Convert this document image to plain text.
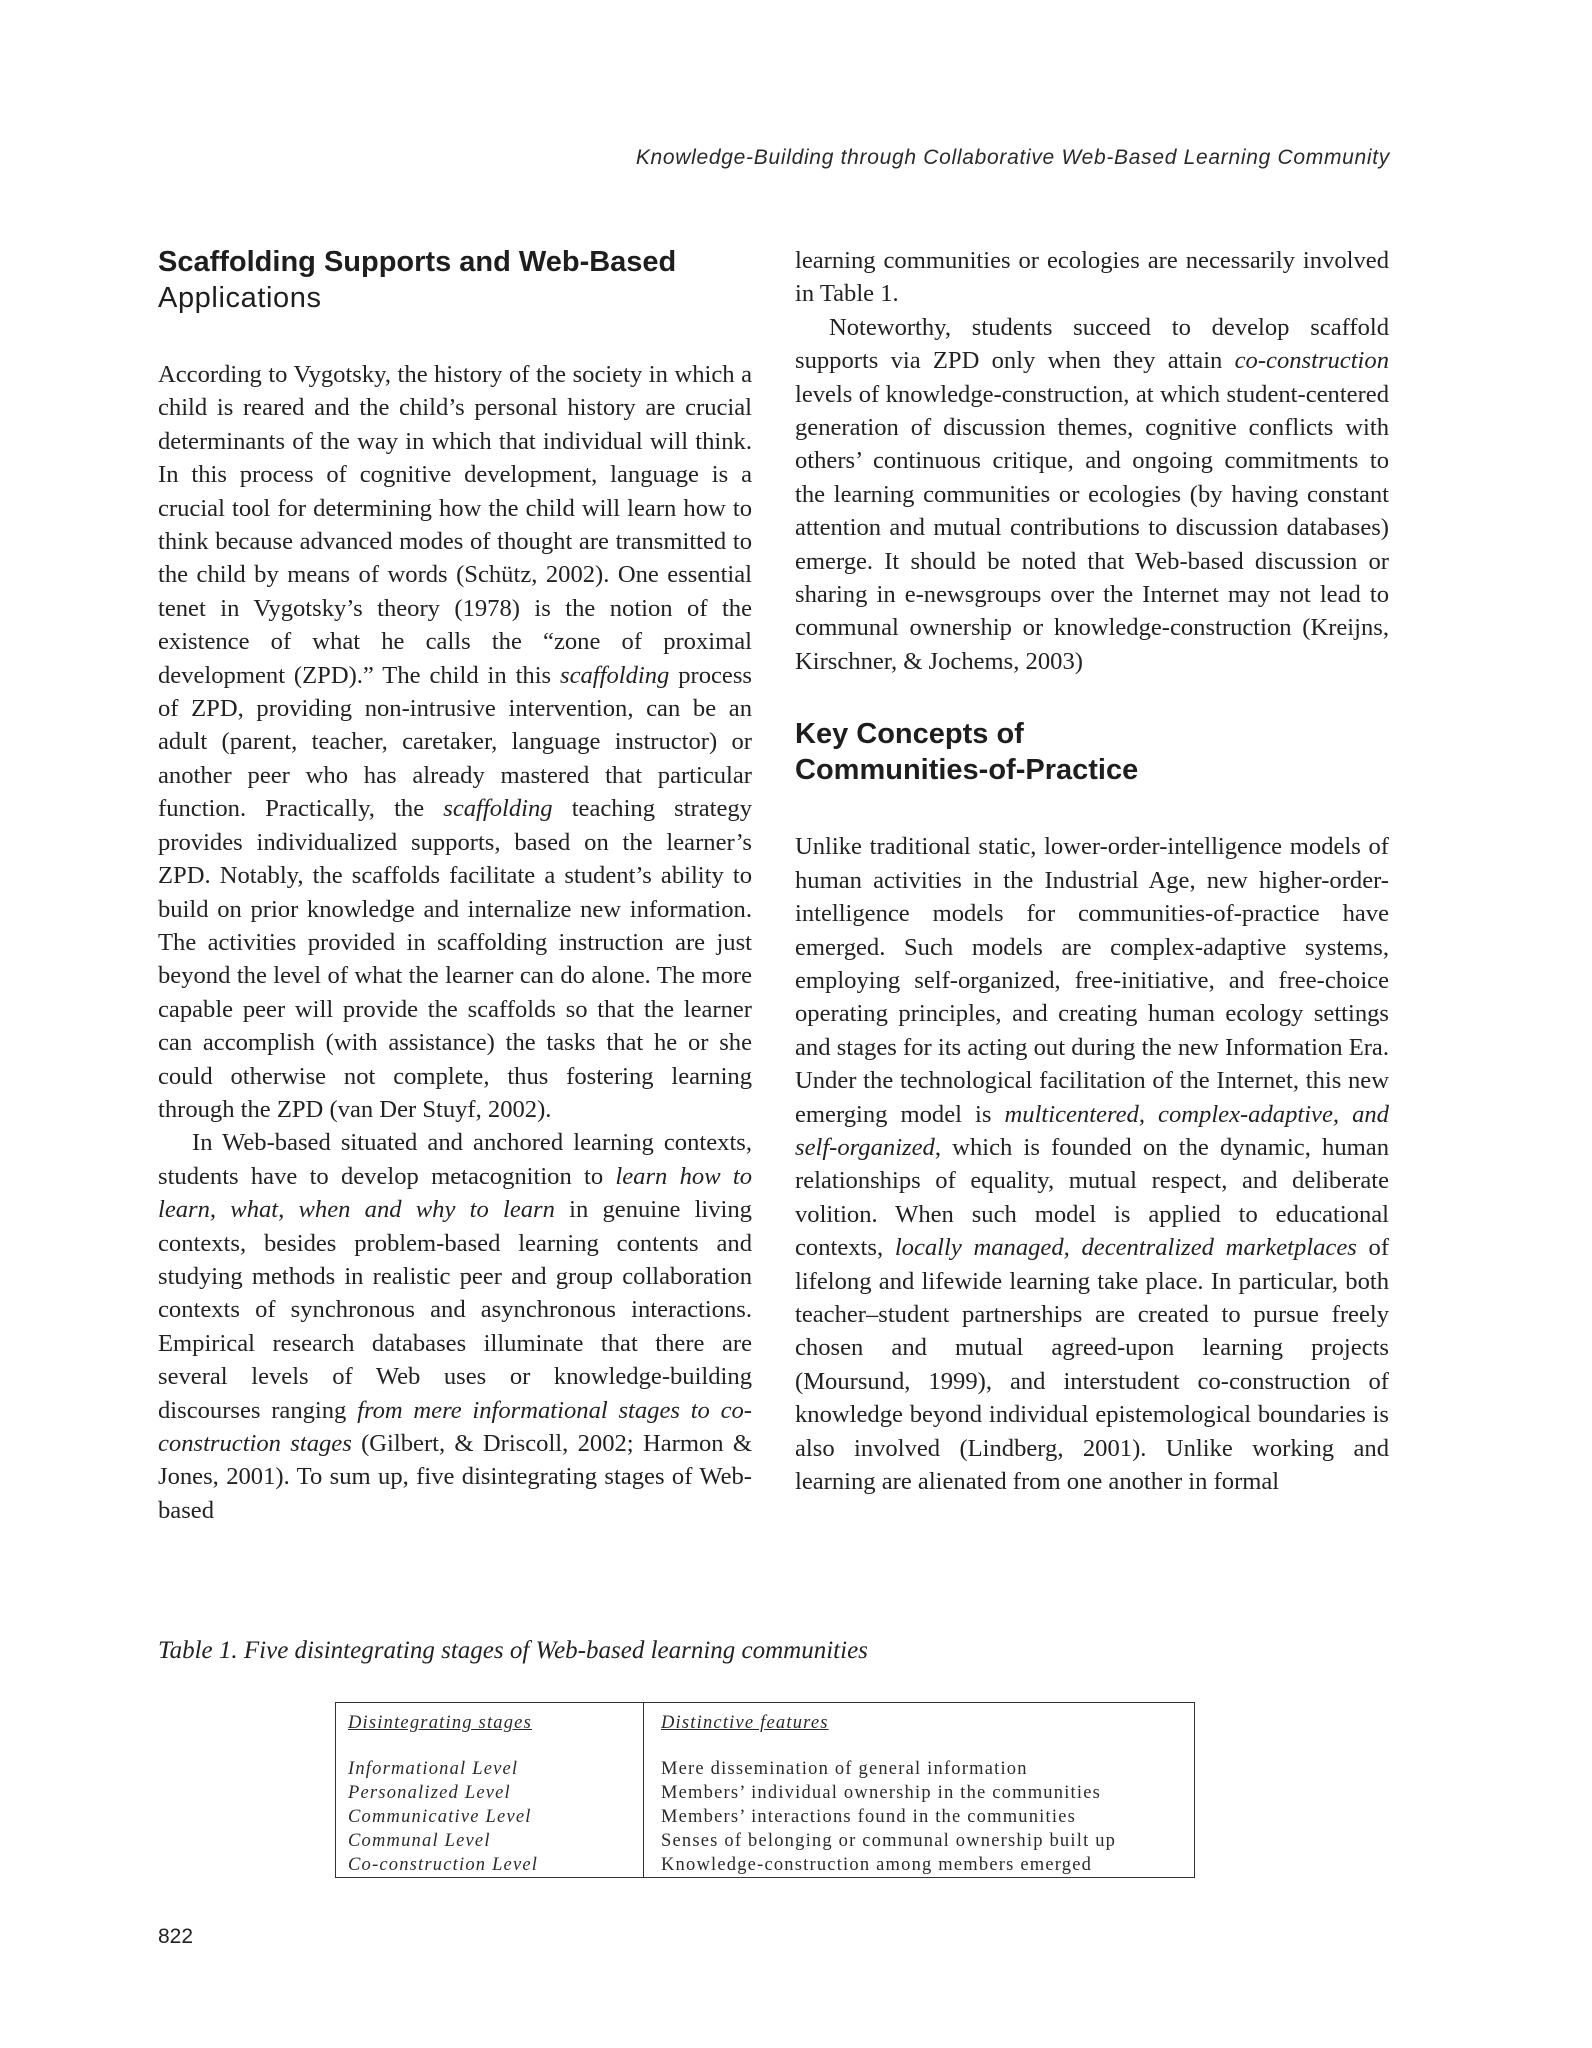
Knowledge-Building through Collaborative Web-Based Learning Community
Scaffolding Supports and Web-Based
Applications

According to Vygotsky, the history of the society in which a child is reared and the child’s personal history are crucial determinants of the way in which that individual will think. In this process of cognitive development, language is a crucial tool for determining how the child will learn how to think because advanced modes of thought are transmitted to the child by means of words (Schütz, 2002). One essential tenet in Vygotsky’s theory (1978) is the notion of the existence of what he calls the “zone of proximal development (ZPD).” The child in this scaffolding process of ZPD, providing non-intrusive intervention, can be an adult (parent, teacher, caretaker, language instructor) or another peer who has already mastered that particular function. Practically, the scaffolding teaching strategy provides individualized supports, based on the learner’s ZPD. Notably, the scaffolds facilitate a student’s ability to build on prior knowledge and internalize new information. The activities provided in scaffolding instruction are just beyond the level of what the learner can do alone. The more capable peer will provide the scaffolds so that the learner can accomplish (with assistance) the tasks that he or she could otherwise not complete, thus fostering learning through the ZPD (van Der Stuyf, 2002).

In Web-based situated and anchored learning contexts, students have to develop metacognition to learn how to learn, what, when and why to learn in genuine living contexts, besides problem-based learning contents and studying methods in realistic peer and group collaboration contexts of synchronous and asynchronous interactions. Empirical research databases illuminate that there are several levels of Web uses or knowledge-building discourses ranging from mere informational stages to co-construction stages (Gilbert, & Driscoll, 2002; Harmon & Jones, 2001). To sum up, five disintegrating stages of Web-based

learning communities or ecologies are necessarily involved in Table 1.

Noteworthy, students succeed to develop scaffold supports via ZPD only when they attain co-construction levels of knowledge-construction, at which student-centered generation of discussion themes, cognitive conflicts with others’ continuous critique, and ongoing commitments to the learning communities or ecologies (by having constant attention and mutual contributions to discussion databases) emerge. It should be noted that Web-based discussion or sharing in e-newsgroups over the Internet may not lead to communal ownership or knowledge-construction (Kreijns, Kirschner, & Jochems, 2003)

Key Concepts of
Communities-of-Practice

Unlike traditional static, lower-order-intelligence models of human activities in the Industrial Age, new higher-order-intelligence models for communities-of-practice have emerged. Such models are complex-adaptive systems, employing self-organized, free-initiative, and free-choice operating principles, and creating human ecology settings and stages for its acting out during the new Information Era. Under the technological facilitation of the Internet, this new emerging model is multicentered, complex-adaptive, and self-organized, which is founded on the dynamic, human relationships of equality, mutual respect, and deliberate volition. When such model is applied to educational contexts, locally managed, decentralized marketplaces of lifelong and lifewide learning take place. In particular, both teacher–student partnerships are created to pursue freely chosen and mutual agreed-upon learning projects (Moursund, 1999), and interstudent co-construction of knowledge beyond individual epistemological boundaries is also involved (Lindberg, 2001). Unlike working and learning are alienated from one another in formal

Table 1. Five disintegrating stages of Web-based learning communities
Disintegrating stages
Informational Level
Personalized Level
Communicative Level
Communal Level
Co-construction Level
Distinctive features
Mere dissemination of general information
Members’ individual ownership in the communities
Members’ interactions found in the communities
Senses of belonging or communal ownership built up
Knowledge-construction among members emerged
822
